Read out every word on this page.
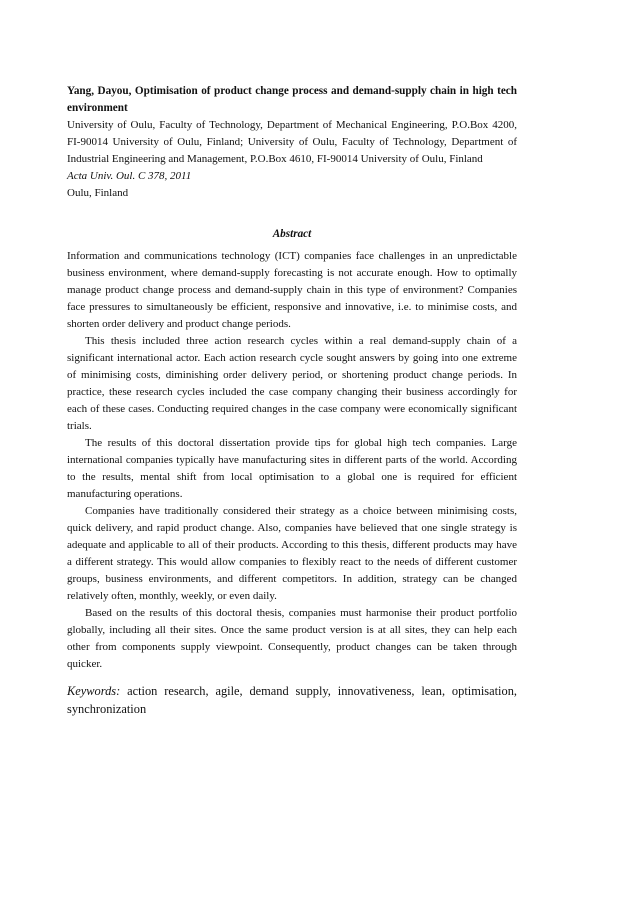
Yang, Dayou, Optimisation of product change process and demand-supply chain in high tech environment

University of Oulu, Faculty of Technology, Department of Mechanical Engineering, P.O.Box 4200, FI-90014 University of Oulu, Finland; University of Oulu, Faculty of Technology, Department of Industrial Engineering and Management, P.O.Box 4610, FI-90014 University of Oulu, Finland

Acta Univ. Oul. C 378, 2011

Oulu, Finland

Abstract

Information and communications technology (ICT) companies face challenges in an unpredictable business environment, where demand-supply forecasting is not accurate enough. How to optimally manage product change process and demand-supply chain in this type of environment? Companies face pressures to simultaneously be efficient, responsive and innovative, i.e. to minimise costs, and shorten order delivery and product change periods.

This thesis included three action research cycles within a real demand-supply chain of a significant international actor. Each action research cycle sought answers by going into one extreme of minimising costs, diminishing order delivery period, or shortening product change periods. In practice, these research cycles included the case company changing their business accordingly for each of these cases. Conducting required changes in the case company were economically significant trials.

The results of this doctoral dissertation provide tips for global high tech companies. Large international companies typically have manufacturing sites in different parts of the world. According to the results, mental shift from local optimisation to a global one is required for efficient manufacturing operations.

Companies have traditionally considered their strategy as a choice between minimising costs, quick delivery, and rapid product change. Also, companies have believed that one single strategy is adequate and applicable to all of their products. According to this thesis, different products may have a different strategy. This would allow companies to flexibly react to the needs of different customer groups, business environments, and different competitors. In addition, strategy can be changed relatively often, monthly, weekly, or even daily.

Based on the results of this doctoral thesis, companies must harmonise their product portfolio globally, including all their sites. Once the same product version is at all sites, they can help each other from components supply viewpoint. Consequently, product changes can be taken through quicker.

Keywords: action research, agile, demand supply, innovativeness, lean, optimisation, synchronization
